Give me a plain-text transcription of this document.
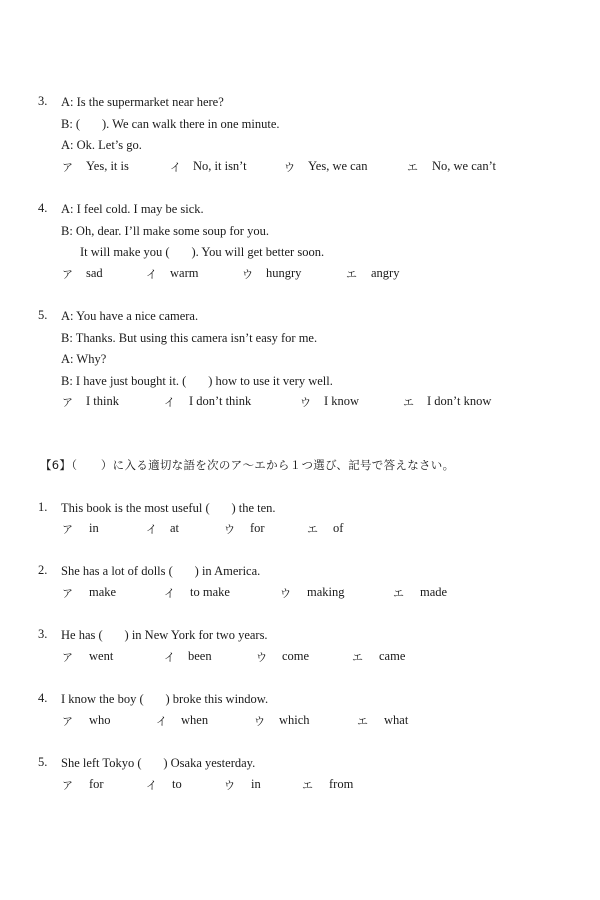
3. A: Is the supermarket near here?
B: (       ). We can walk there in one minute.
A: Ok. Let’s go.
ア Yes, it is	イ No, it isn’t	ウ Yes, we can	エ No, we can’t
4. A: I feel cold. I may be sick.
B: Oh, dear. I’ll make some soup for you.
It will make you (       ). You will get better soon.
ア sad	イ warm	ウ hungry	エ angry
5. A: You have a nice camera.
B: Thanks. But using this camera isn’t easy for me.
A: Why?
B: I have just bought it. (       ) how to use it very well.
ア I think	イ I don’t think	ウ I know	エ I don’t know
【6】（　　）に入る適切な語を次のア～エから１つ選び、記号で答えなさい。
1. This book is the most useful (       ) the ten.
ア in	イ at	ウ for	エ of
2. She has a lot of dolls (       ) in America.
ア make	イ to make	ウ making	エ made
3. He has (       ) in New York for two years.
ア went	イ been	ウ come	エ came
4. I know the boy (       ) broke this window.
ア who	イ when	ウ which	エ what
5. She left Tokyo (       ) Osaka yesterday.
ア for	イ to	ウ in	エ from
